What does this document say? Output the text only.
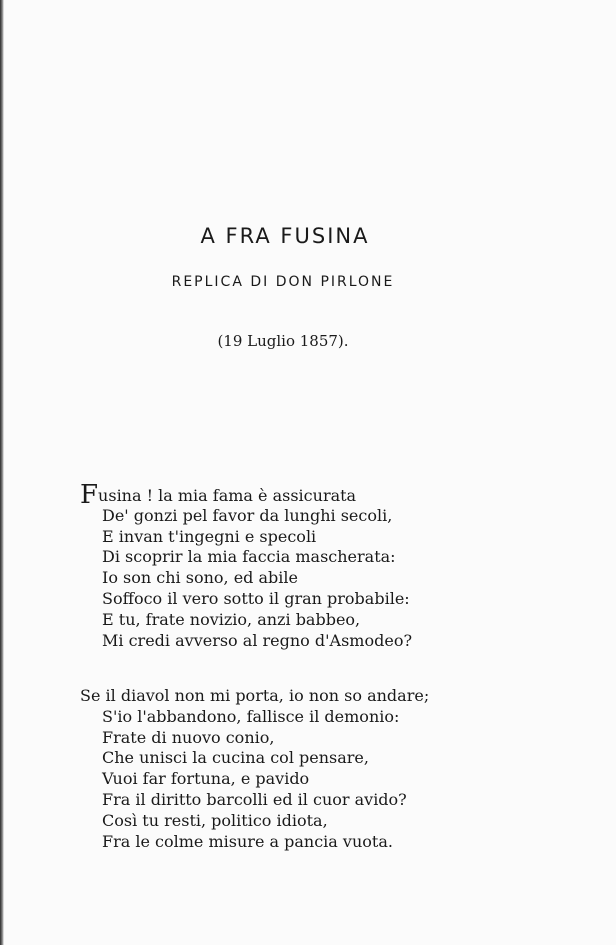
A FRA FUSINA

REPLICA DI DON PIRLONE

(19 Luglio 1857).

Fusina ! la mia fama è assicurata
De' gonzi pel favor da lunghi secoli,
E invan t'ingegni e specoli
Di scoprir la mia faccia mascherata:
Io son chi sono, ed abile
Soffoco il vero sotto il gran probabile:
E tu, frate novizio, anzi babbeo,
Mi credi avverso al regno d'Asmodeo?
Se il diavol non mi porta, io non so andare;
S'io l'abbandono, fallisce il demonio:
Frate di nuovo conio,
Che unisci la cucina col pensare,
Vuoi far fortuna, e pavido
Fra il diritto barcolli ed il cuor avido?
Così tu resti, politico idiota,
Fra le colme misure a pancia vuota.
